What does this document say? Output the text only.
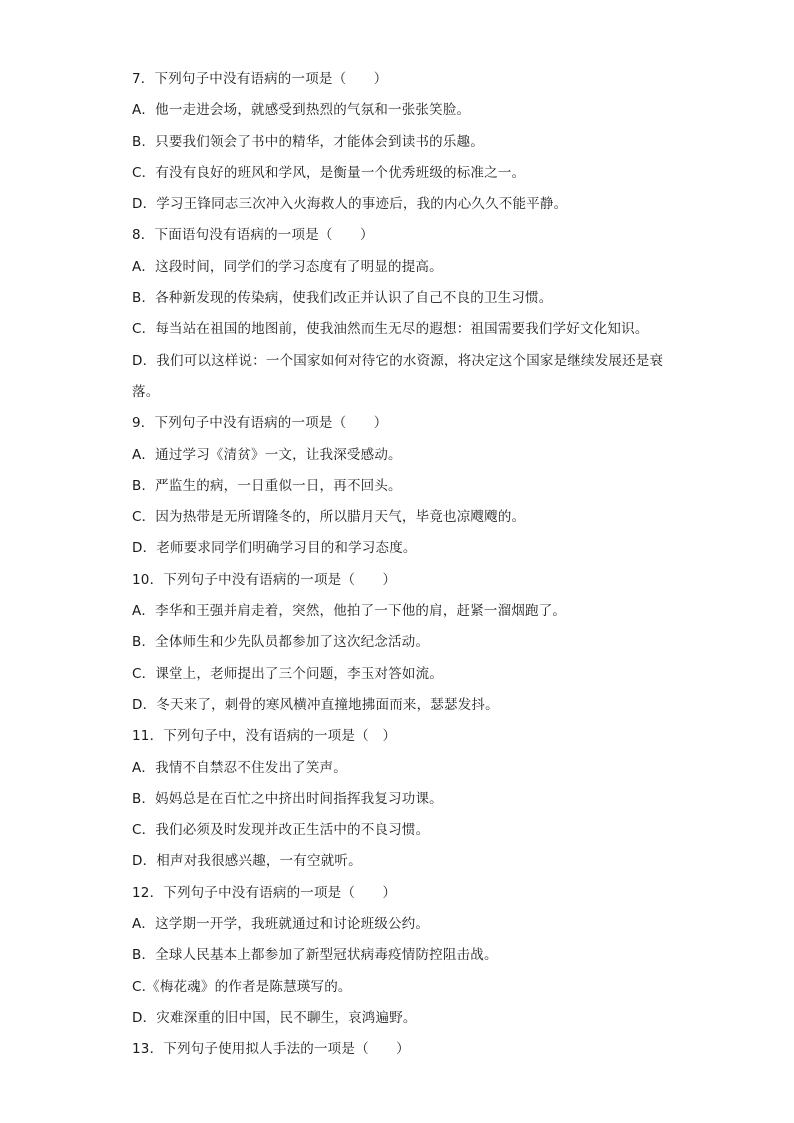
7．下列句子中没有语病的一项是（　　）
A．他一走进会场，就感受到热烈的气氛和一张张笑脸。
B．只要我们领会了书中的精华，才能体会到读书的乐趣。
C．有没有良好的班风和学风，是衡量一个优秀班级的标准之一。
D．学习王锋同志三次冲入火海救人的事迹后，我的内心久久不能平静。
8．下面语句没有语病的一项是（　　）
A．这段时间，同学们的学习态度有了明显的提高。
B．各种新发现的传染病，使我们改正并认识了自己不良的卫生习惯。
C．每当站在祖国的地图前，使我油然而生无尽的遐想：祖国需要我们学好文化知识。
D．我们可以这样说：一个国家如何对待它的水资源，将决定这个国家是继续发展还是衰落。
9．下列句子中没有语病的一项是（　　）
A．通过学习《清贫》一文，让我深受感动。
B．严监生的病，一日重似一日，再不回头。
C．因为热带是无所谓隆冬的，所以腊月天气，毕竟也凉飕飕的。
D．老师要求同学们明确学习目的和学习态度。
10．下列句子中没有语病的一项是（　　）
A．李华和王强并肩走着，突然，他拍了一下他的肩，赶紧一溜烟跑了。
B．全体师生和少先队员都参加了这次纪念活动。
C．课堂上，老师提出了三个问题，李玉对答如流。
D．冬天来了，刺骨的寒风横冲直撞地拂面而来，瑟瑟发抖。
11．下列句子中，没有语病的一项是（　）
A．我情不自禁忍不住发出了笑声。
B．妈妈总是在百忙之中挤出时间指挥我复习功课。
C．我们必须及时发现并改正生活中的不良习惯。
D．相声对我很感兴趣，一有空就听。
12．下列句子中没有语病的一项是（　　）
A．这学期一开学，我班就通过和讨论班级公约。
B．全球人民基本上都参加了新型冠状病毒疫情防控阻击战。
C.《梅花魂》的作者是陈慧瑛写的。
D．灾难深重的旧中国，民不聊生，哀鸿遍野。
13．下列句子使用拟人手法的一项是（　　）
